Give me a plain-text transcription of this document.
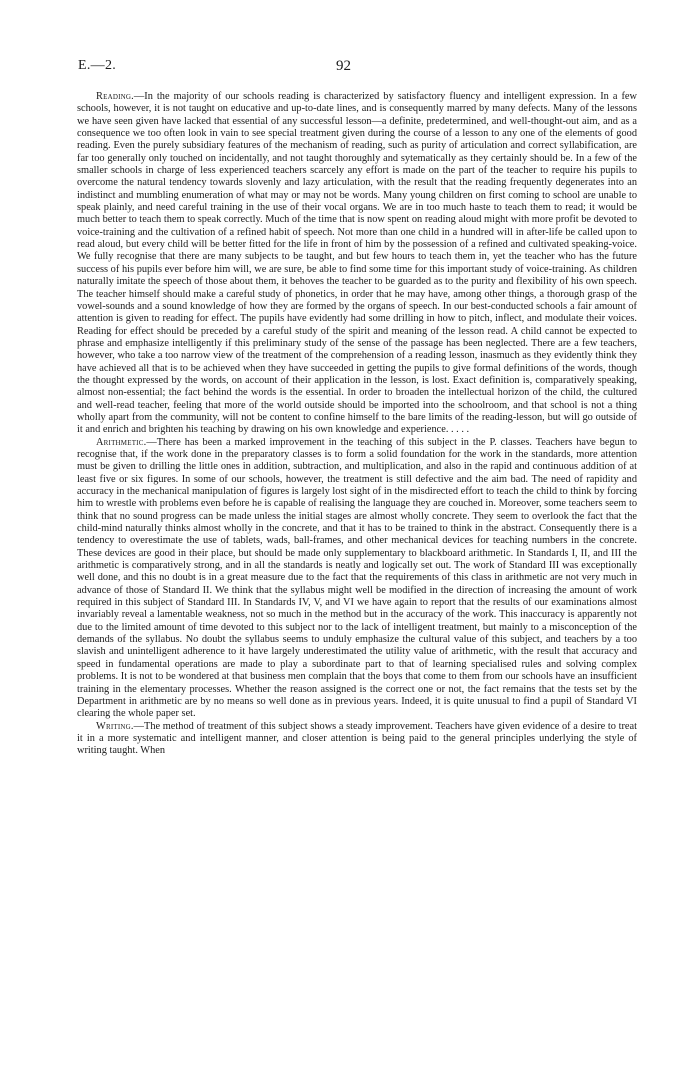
E.—2.	92

Reading.—In the majority of our schools reading is characterized by satisfactory fluency and intelligent expression. In a few schools, however, it is not taught on educative and up-to-date lines, and is consequently marred by many defects. Many of the lessons we have seen given have lacked that essential of any successful lesson—a definite, predetermined, and well-thought-out aim, and as a consequence we too often look in vain to see special treatment given during the course of a lesson to any one of the elements of good reading. Even the purely subsidiary features of the mechanism of reading, such as purity of articulation and correct syllabification, are far too generally only touched on incidentally, and not taught thoroughly and sytematically as they certainly should be. In a few of the smaller schools in charge of less experienced teachers scarcely any effort is made on the part of the teacher to require his pupils to overcome the natural tendency towards slovenly and lazy articulation, with the result that the reading frequently degenerates into an indistinct and mumbling enumeration of what may or may not be words. Many young children on first coming to school are unable to speak plainly, and need careful training in the use of their vocal organs. We are in too much haste to teach them to read; it would be much better to teach them to speak correctly. Much of the time that is now spent on reading aloud might with more profit be devoted to voice-training and the cultivation of a refined habit of speech. Not more than one child in a hundred will in after-life be called upon to read aloud, but every child will be better fitted for the life in front of him by the possession of a refined and cultivated speaking-voice. We fully recognise that there are many subjects to be taught, and but few hours to teach them in, yet the teacher who has the future success of his pupils ever before him will, we are sure, be able to find some time for this important study of voice-training. As children naturally imitate the speech of those about them, it behoves the teacher to be guarded as to the purity and flexibility of his own speech. The teacher himself should make a careful study of phonetics, in order that he may have, among other things, a thorough grasp of the vowel-sounds and a sound knowledge of how they are formed by the organs of speech. In our best-conducted schools a fair amount of attention is given to reading for effect. The pupils have evidently had some drilling in how to pitch, inflect, and modulate their voices. Reading for effect should be preceded by a careful study of the spirit and meaning of the lesson read. A child cannot be expected to phrase and emphasize intelligently if this preliminary study of the sense of the passage has been neglected. There are a few teachers, however, who take a too narrow view of the treatment of the comprehension of a reading lesson, inasmuch as they evidently think they have achieved all that is to be achieved when they have succeeded in getting the pupils to give formal definitions of the words, though the thought expressed by the words, on account of their application in the lesson, is lost. Exact definition is, comparatively speaking, almost non-essential; the fact behind the words is the essential. In order to broaden the intellectual horizon of the child, the cultured and well-read teacher, feeling that more of the world outside should be imported into the schoolroom, and that school is not a thing wholly apart from the community, will not be content to confine himself to the bare limits of the reading-lesson, but will go outside of it and enrich and brighten his teaching by drawing on his own knowledge and experience. . . . .

Arithmetic.—There has been a marked improvement in the teaching of this subject in the P. classes. Teachers have begun to recognise that, if the work done in the preparatory classes is to form a solid foundation for the work in the standards, more attention must be given to drilling the little ones in addition, subtraction, and multiplication, and also in the rapid and continuous addition of at least five or six figures. In some of our schools, however, the treatment is still defective and the aim bad. The need of rapidity and accuracy in the mechanical manipulation of figures is largely lost sight of in the misdirected effort to teach the child to think by forcing him to wrestle with problems even before he is capable of realising the language they are couched in. Moreover, some teachers seem to think that no sound progress can be made unless the initial stages are almost wholly concrete. They seem to overlook the fact that the child-mind naturally thinks almost wholly in the concrete, and that it has to be trained to think in the abstract. Consequently there is a tendency to overestimate the use of tablets, wads, ball-frames, and other mechanical devices for teaching numbers in the concrete. These devices are good in their place, but should be made only supplementary to blackboard arithmetic. In Standards I, II, and III the arithmetic is comparatively strong, and in all the standards is neatly and logically set out. The work of Standard III was exceptionally well done, and this no doubt is in a great measure due to the fact that the requirements of this class in arithmetic are not very much in advance of those of Standard II. We think that the syllabus might well be modified in the direction of increasing the amount of work required in this subject of Standard III. In Standards IV, V, and VI we have again to report that the results of our examinations almost invariably reveal a lamentable weakness, not so much in the method but in the accuracy of the work. This inaccuracy is apparently not due to the limited amount of time devoted to this subject nor to the lack of intelligent treatment, but mainly to a misconception of the demands of the syllabus. No doubt the syllabus seems to unduly emphasize the cultural value of this subject, and teachers by a too slavish and unintelligent adherence to it have largely underestimated the utility value of arithmetic, with the result that accuracy and speed in fundamental operations are made to play a subordinate part to that of learning specialised rules and solving complex problems. It is not to be wondered at that business men complain that the boys that come to them from our schools have an insufficient training in the elementary processes. Whether the reason assigned is the correct one or not, the fact remains that the tests set by the Department in arithmetic are by no means so well done as in previous years. Indeed, it is quite unusual to find a pupil of Standard VI clearing the whole paper set.

Writing.—The method of treatment of this subject shows a steady improvement. Teachers have given evidence of a desire to treat it in a more systematic and intelligent manner, and closer attention is being paid to the general principles underlying the style of writing taught. When
